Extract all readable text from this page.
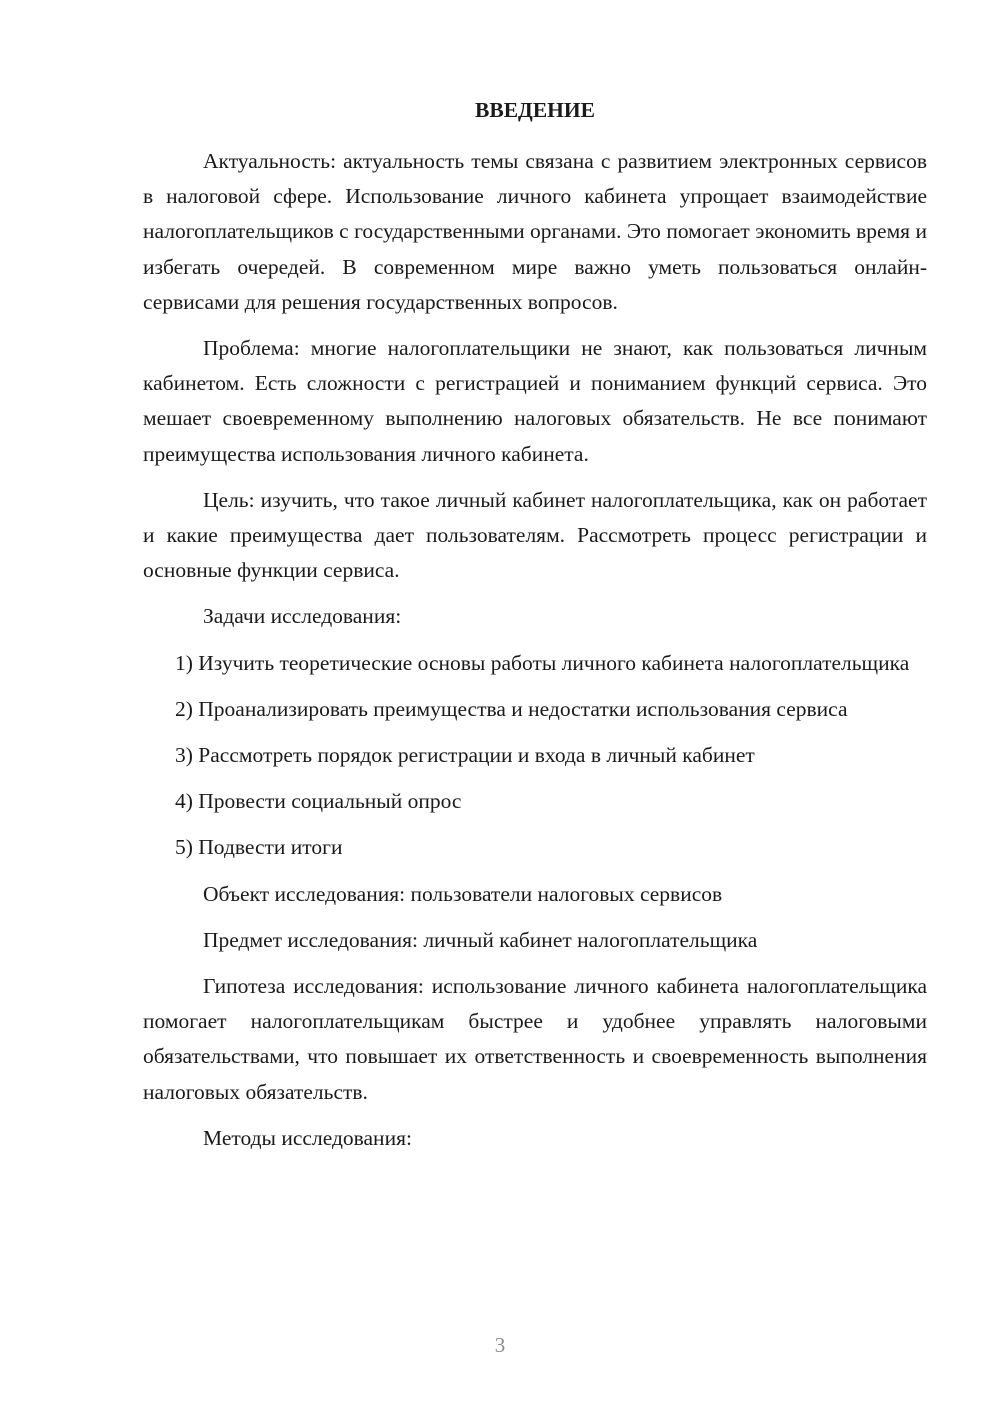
ВВЕДЕНИЕ

Актуальность: актуальность темы связана с развитием электронных сервисов в налоговой сфере. Использование личного кабинета упрощает взаимодействие налогоплательщиков с государственными органами. Это помогает экономить время и избегать очередей. В современном мире важно уметь пользоваться онлайн-сервисами для решения государственных вопросов.

Проблема: многие налогоплательщики не знают, как пользоваться личным кабинетом. Есть сложности с регистрацией и пониманием функций сервиса. Это мешает своевременному выполнению налоговых обязательств. Не все понимают преимущества использования личного кабинета.

Цель: изучить, что такое личный кабинет налогоплательщика, как он работает и какие преимущества дает пользователям. Рассмотреть процесс регистрации и основные функции сервиса.

Задачи исследования:

1) Изучить теоретические основы работы личного кабинета налогоплательщика

2) Проанализировать преимущества и недостатки использования сервиса

3) Рассмотреть порядок регистрации и входа в личный кабинет

4) Провести социальный опрос

5) Подвести итоги

Объект исследования: пользователи налоговых сервисов

Предмет исследования: личный кабинет налогоплательщика

Гипотеза исследования: использование личного кабинета налогоплательщика помогает налогоплательщикам быстрее и удобнее управлять налоговыми обязательствами, что повышает их ответственность и своевременность выполнения налоговых обязательств.

Методы исследования:

3
